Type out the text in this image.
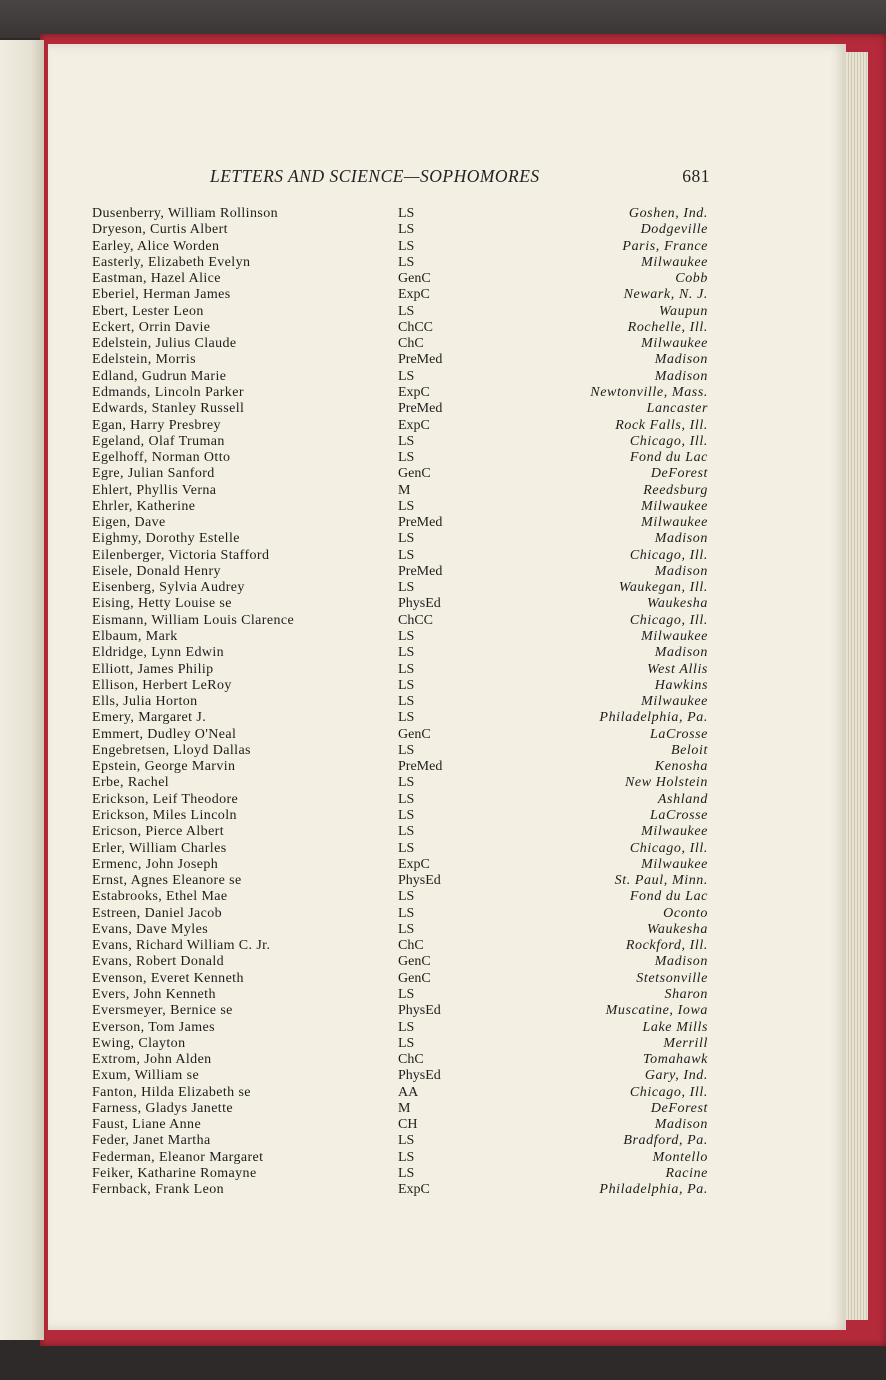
LETTERS AND SCIENCE—SOPHOMORES	681
Dusenberry, William Rollinson	LS	Goshen, Ind.
Dryeson, Curtis Albert	LS	Dodgeville
Earley, Alice Worden	LS	Paris, France
Easterly, Elizabeth Evelyn	LS	Milwaukee
Eastman, Hazel Alice	GenC	Cobb
Eberiel, Herman James	ExpC	Newark, N. J.
Ebert, Lester Leon	LS	Waupun
Eckert, Orrin Davie	ChCC	Rochelle, Ill.
Edelstein, Julius Claude	ChC	Milwaukee
Edelstein, Morris	PreMed	Madison
Edland, Gudrun Marie	LS	Madison
Edmands, Lincoln Parker	ExpC	Newtonville, Mass.
Edwards, Stanley Russell	PreMed	Lancaster
Egan, Harry Presbrey	ExpC	Rock Falls, Ill.
Egeland, Olaf Truman	LS	Chicago, Ill.
Egelhoff, Norman Otto	LS	Fond du Lac
Egre, Julian Sanford	GenC	DeForest
Ehlert, Phyllis Verna	M	Reedsburg
Ehrler, Katherine	LS	Milwaukee
Eigen, Dave	PreMed	Milwaukee
Eighmy, Dorothy Estelle	LS	Madison
Eilenberger, Victoria Stafford	LS	Chicago, Ill.
Eisele, Donald Henry	PreMed	Madison
Eisenberg, Sylvia Audrey	LS	Waukegan, Ill.
Eising, Hetty Louise se	PhysEd	Waukesha
Eismann, William Louis Clarence	ChCC	Chicago, Ill.
Elbaum, Mark	LS	Milwaukee
Eldridge, Lynn Edwin	LS	Madison
Elliott, James Philip	LS	West Allis
Ellison, Herbert LeRoy	LS	Hawkins
Ells, Julia Horton	LS	Milwaukee
Emery, Margaret J.	LS	Philadelphia, Pa.
Emmert, Dudley O'Neal	GenC	LaCrosse
Engebretsen, Lloyd Dallas	LS	Beloit
Epstein, George Marvin	PreMed	Kenosha
Erbe, Rachel	LS	New Holstein
Erickson, Leif Theodore	LS	Ashland
Erickson, Miles Lincoln	LS	LaCrosse
Ericson, Pierce Albert	LS	Milwaukee
Erler, William Charles	LS	Chicago, Ill.
Ermenc, John Joseph	ExpC	Milwaukee
Ernst, Agnes Eleanore se	PhysEd	St. Paul, Minn.
Estabrooks, Ethel Mae	LS	Fond du Lac
Estreen, Daniel Jacob	LS	Oconto
Evans, Dave Myles	LS	Waukesha
Evans, Richard William C. Jr.	ChC	Rockford, Ill.
Evans, Robert Donald	GenC	Madison
Evenson, Everet Kenneth	GenC	Stetsonville
Evers, John Kenneth	LS	Sharon
Eversmeyer, Bernice se	PhysEd	Muscatine, Iowa
Everson, Tom James	LS	Lake Mills
Ewing, Clayton	LS	Merrill
Extrom, John Alden	ChC	Tomahawk
Exum, William se	PhysEd	Gary, Ind.
Fanton, Hilda Elizabeth se	AA	Chicago, Ill.
Farness, Gladys Janette	M	DeForest
Faust, Liane Anne	CH	Madison
Feder, Janet Martha	LS	Bradford, Pa.
Federman, Eleanor Margaret	LS	Montello
Feiker, Katharine Romayne	LS	Racine
Fernback, Frank Leon	ExpC	Philadelphia, Pa.
